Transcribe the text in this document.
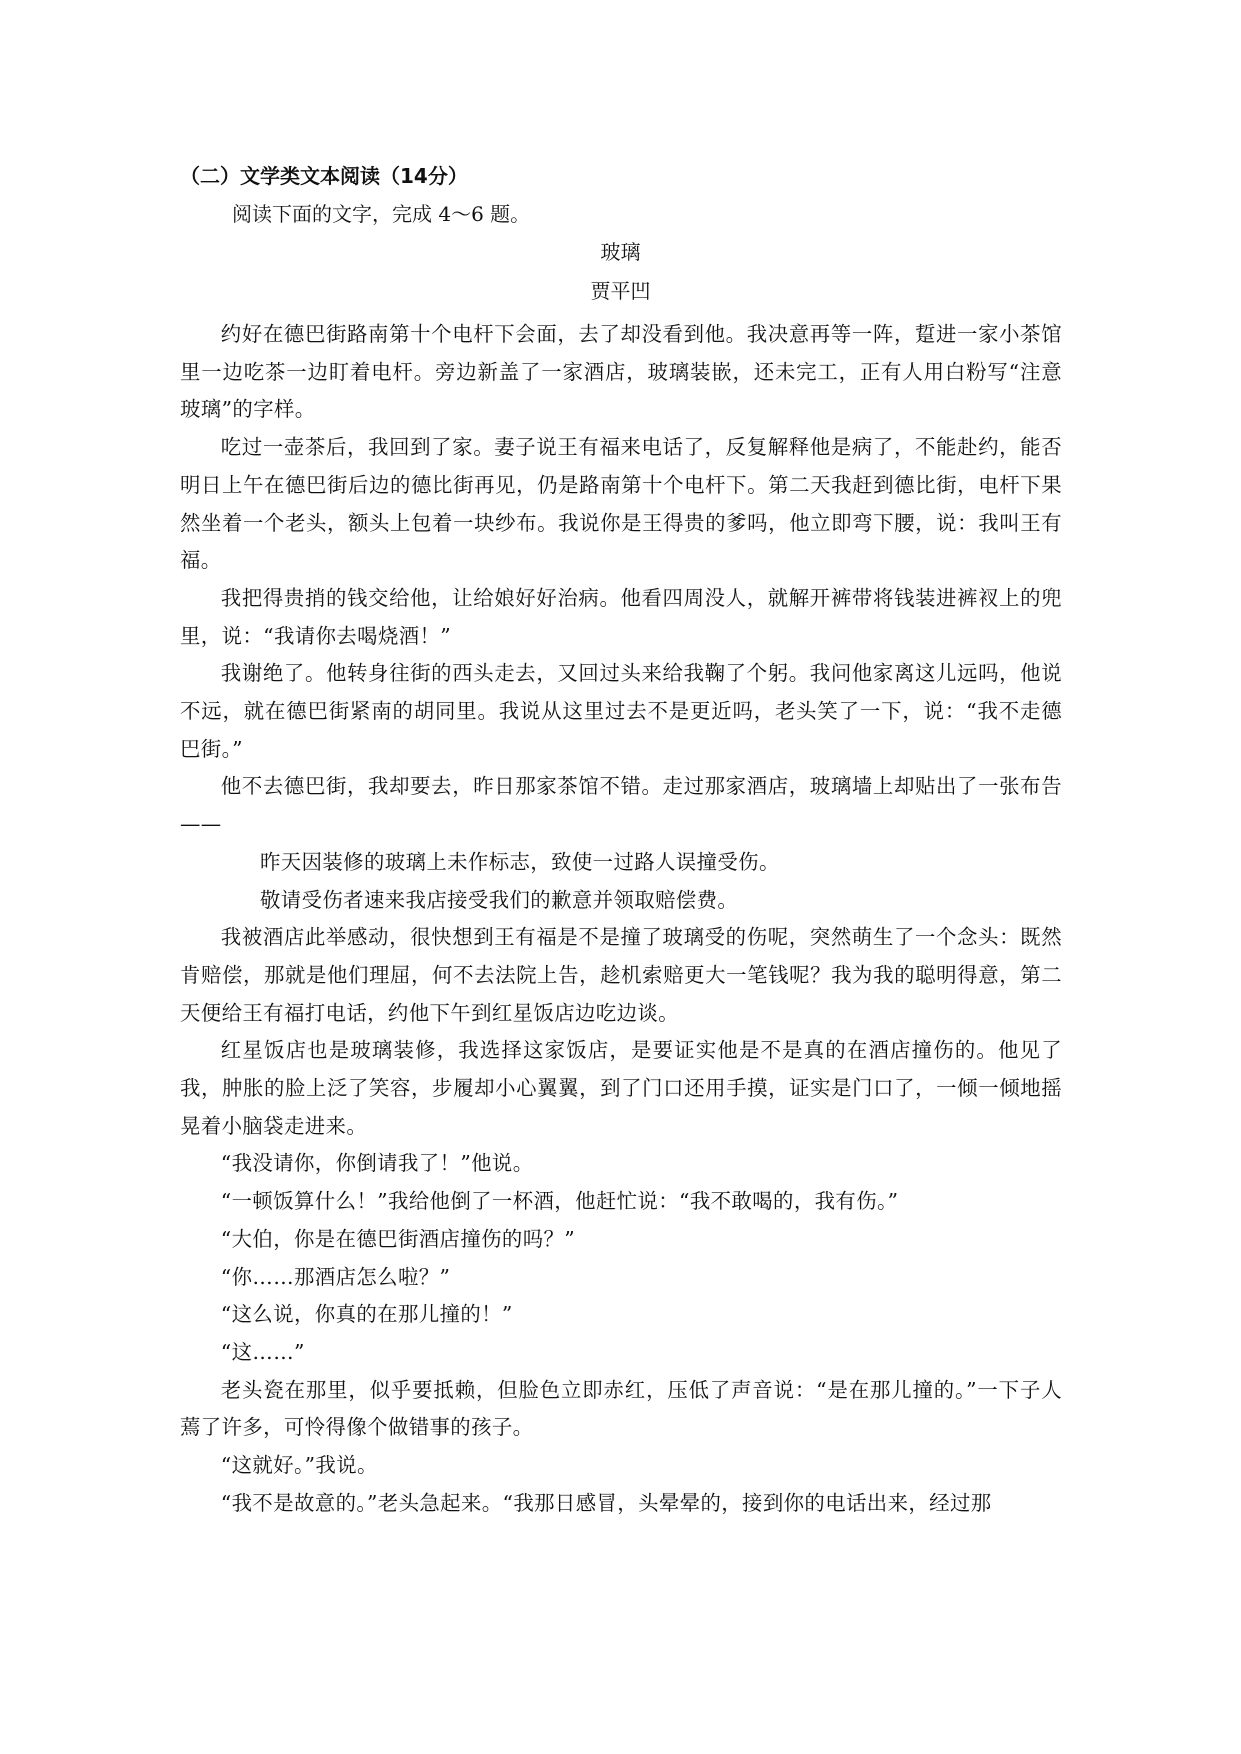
（二）文学类文本阅读（14分）
阅读下面的文字，完成 4～6 题。
玻璃
贾平凹

约好在德巴街路南第十个电杆下会面，去了却没看到他。我决意再等一阵，踅进一家小茶馆里一边吃茶一边盯着电杆。旁边新盖了一家酒店，玻璃装嵌，还未完工，正有人用白粉写“注意玻璃”的字样。

吃过一壶茶后，我回到了家。妻子说王有福来电话了，反复解释他是病了，不能赴约，能否明日上午在德巴街后边的德比街再见，仍是路南第十个电杆下。第二天我赶到德比街，电杆下果然坐着一个老头，额头上包着一块纱布。我说你是王得贵的爹吗，他立即弯下腰，说：我叫王有福。

我把得贵捎的钱交给他，让给娘好好治病。他看四周没人，就解开裤带将钱装进裤衩上的兜里，说：“我请你去喝烧酒！”

我谢绝了。他转身往街的西头走去，又回过头来给我鞠了个躬。我问他家离这儿远吗，他说不远，就在德巴街紧南的胡同里。我说从这里过去不是更近吗，老头笑了一下，说：“我不走德巴街。”

他不去德巴街，我却要去，昨日那家茶馆不错。走过那家酒店，玻璃墙上却贴出了一张布告——

昨天因装修的玻璃上未作标志，致使一过路人误撞受伤。

敬请受伤者速来我店接受我们的歉意并领取赔偿费。

我被酒店此举感动，很快想到王有福是不是撞了玻璃受的伤呢，突然萌生了一个念头：既然肯赔偿，那就是他们理屈，何不去法院上告，趁机索赔更大一笔钱呢？我为我的聪明得意，第二天便给王有福打电话，约他下午到红星饭店边吃边谈。

红星饭店也是玻璃装修，我选择这家饭店，是要证实他是不是真的在酒店撞伤的。他见了我，肿胀的脸上泛了笑容，步履却小心翼翼，到了门口还用手摸，证实是门口了，一倾一倾地摇晃着小脑袋走进来。

“我没请你，你倒请我了！”他说。

“一顿饭算什么！”我给他倒了一杯酒，他赶忙说：“我不敢喝的，我有伤。”

“大伯，你是在德巴街酒店撞伤的吗？”

“你……那酒店怎么啦？”

“这么说，你真的在那儿撞的！”

“这……”

老头瓷在那里，似乎要抵赖，但脸色立即赤红，压低了声音说：“是在那儿撞的。”一下子人蔫了许多，可怜得像个做错事的孩子。

“这就好。”我说。

“我不是故意的。”老头急起来。“我那日感冒，头晕晕的，接到你的电话出来，经过那
